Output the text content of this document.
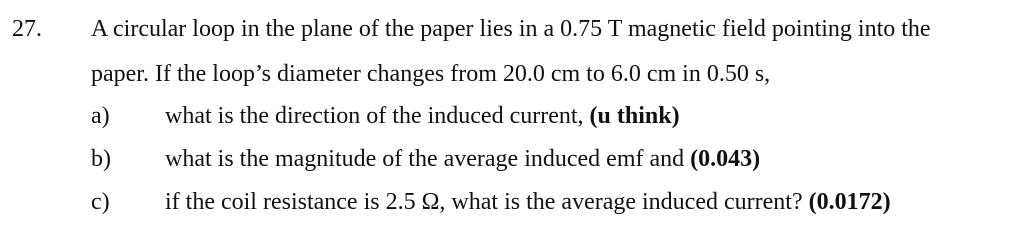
27. A circular loop in the plane of the paper lies in a 0.75 T magnetic field pointing into the
paper. If the loop’s diameter changes from 20.0 cm to 6.0 cm in 0.50 s,
a) what is the direction of the induced current, (u think)
b) what is the magnitude of the average induced emf and (0.043)
c) if the coil resistance is 2.5 Ω, what is the average induced current? (0.0172)
